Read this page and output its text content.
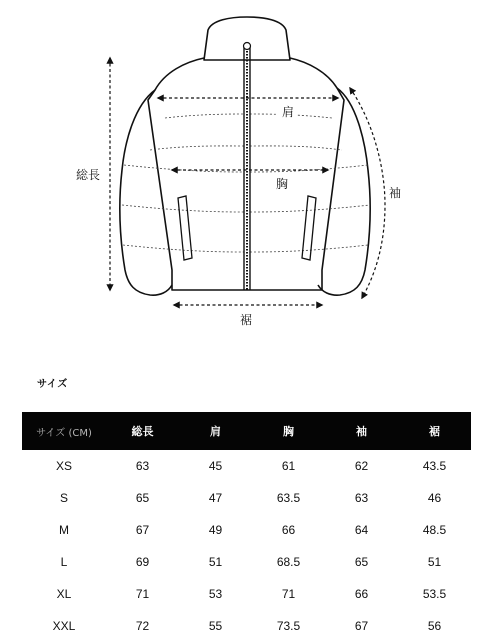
総長
肩
胸
袖
裾
サイズ
サイズ (CM)	総長	肩	胸	袖	裾
XS	63	45	61	62	43.5
S	65	47	63.5	63	46
M	67	49	66	64	48.5
L	69	51	68.5	65	51
XL	71	53	71	66	53.5
XXL	72	55	73.5	67	56
